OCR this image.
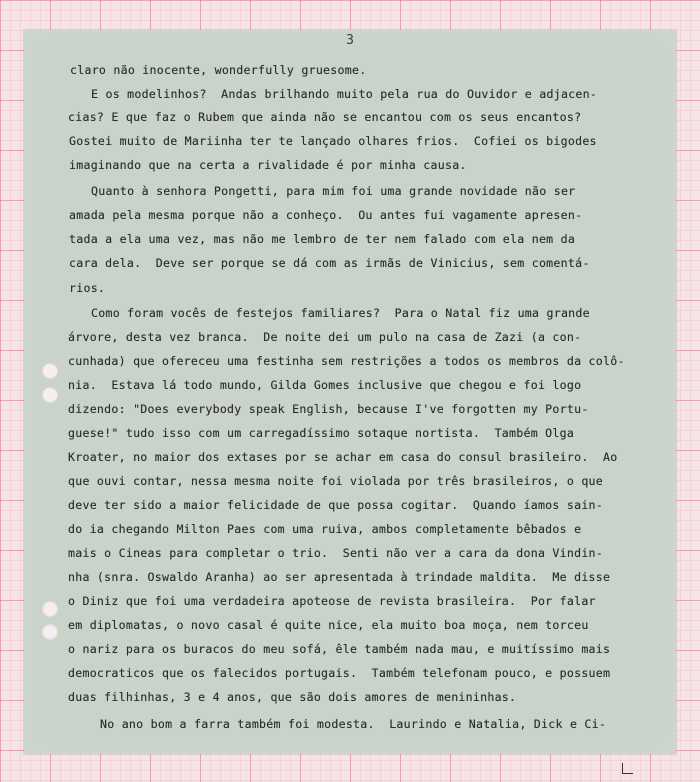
3
claro não inocente, wonderfully gruesome.
E os modelinhos?  Andas brilhando muito pela rua do Ouvidor e adjacen-
cias? E que faz o Rubem que ainda não se encantou com os seus encantos?
Gostei muito de Mariinha ter te lançado olhares frios.  Cofiei os bigodes
imaginando que na certa a rivalidade é por minha causa.
Quanto à senhora Pongetti, para mim foi uma grande novidade não ser
amada pela mesma porque não a conheço.  Ou antes fui vagamente apresen-
tada a ela uma vez, mas não me lembro de ter nem falado com ela nem da
cara dela.  Deve ser porque se dá com as irmãs de Vinicius, sem comentá-
rios.
Como foram vocês de festejos familiares?  Para o Natal fiz uma grande
árvore, desta vez branca.  De noite dei um pulo na casa de Zazi (a con-
cunhada) que ofereceu uma festinha sem restrições a todos os membros da colô-
nia.  Estava lá todo mundo, Gilda Gomes inclusive que chegou e foi logo
dizendo: "Does everybody speak English, because I've forgotten my Portu-
guese!" tudo isso com um carregadíssimo sotaque nortista.  Também Olga
Kroater, no maior dos extases por se achar em casa do consul brasileiro.  Ao
que ouvi contar, nessa mesma noite foi violada por três brasileiros, o que
deve ter sido a maior felicidade de que possa cogitar.  Quando íamos sain-
do ia chegando Milton Paes com uma ruiva, ambos completamente bêbados e
mais o Cineas para completar o trio.  Senti não ver a cara da dona Vindin-
nha (snra. Oswaldo Aranha) ao ser apresentada à trindade maldita.  Me disse
o Diniz que foi uma verdadeira apoteose de revista brasileira.  Por falar
em diplomatas, o novo casal é quite nice, ela muito boa moça, nem torceu
o nariz para os buracos do meu sofá, êle também nada mau, e muitíssimo mais
democraticos que os falecidos portugais.  Também telefonam pouco, e possuem
duas filhinhas, 3 e 4 anos, que são dois amores de menininhas.
No ano bom a farra também foi modesta.  Laurindo e Natalia, Dick e Ci-
